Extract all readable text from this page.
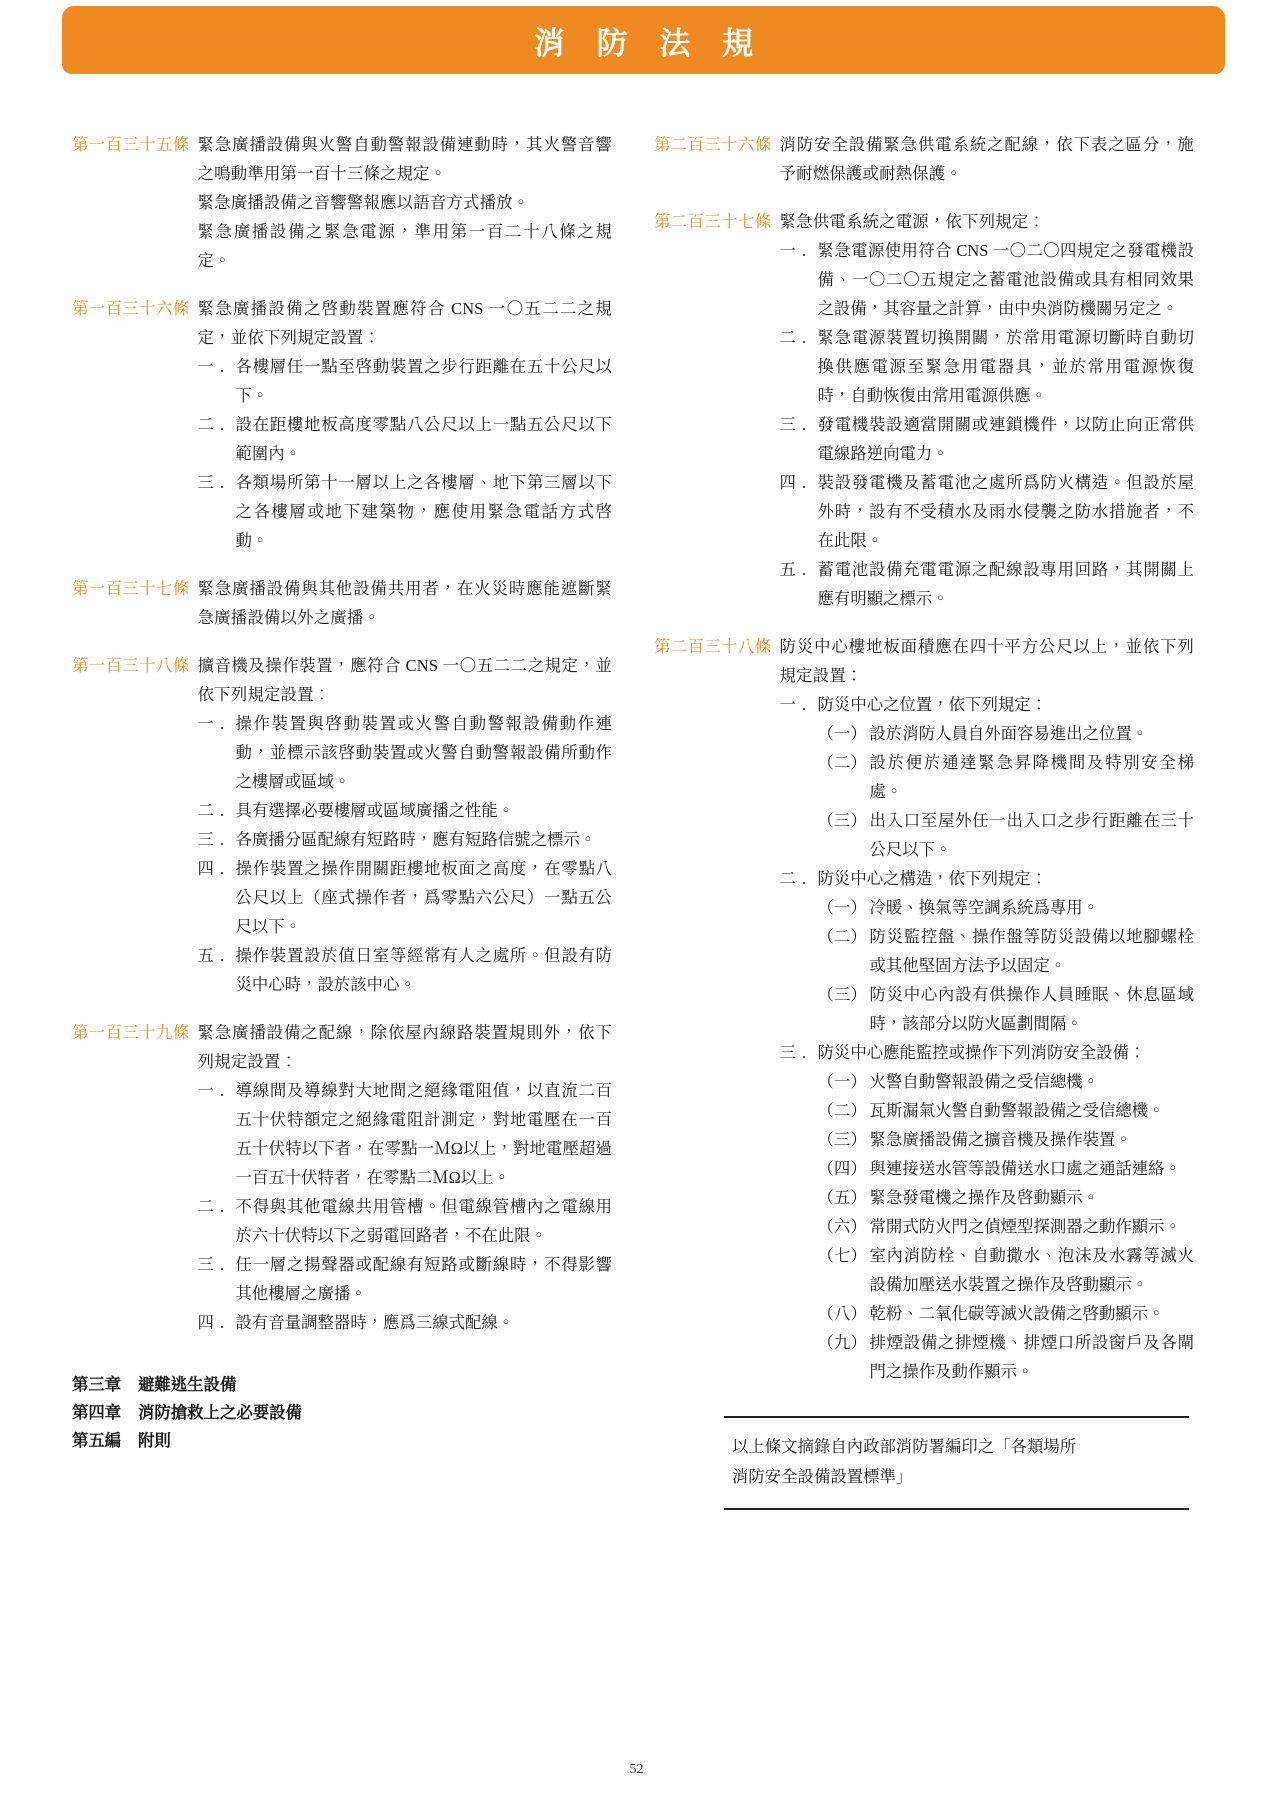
消 防 法 規
第一百三十五條 緊急廣播設備與火警自動警報設備連動時，其火警音響之鳴動準用第一百十三條之規定。

緊急廣播設備之音響警報應以語音方式播放。

緊急廣播設備之緊急電源，準用第一百二十八條之規定。

第一百三十六條 緊急廣播設備之啓動裝置應符合 CNS 一〇五二二之規定，並依下列規定設置：

一 . 各樓層任一點至啓動裝置之步行距離在五十公尺以下。
二 . 設在距樓地板高度零點八公尺以上一點五公尺以下範圍內。
三 . 各類場所第十一層以上之各樓層、地下第三層以下之各樓層或地下建築物，應使用緊急電話方式啓動。
第一百三十七條 緊急廣播設備與其他設備共用者，在火災時應能遮斷緊急廣播設備以外之廣播。

第一百三十八條 擴音機及操作裝置，應符合 CNS 一〇五二二之規定，並依下列規定設置：

一 . 操作裝置與啓動裝置或火警自動警報設備動作連動，並標示該啓動裝置或火警自動警報設備所動作之樓層或區域。
二 . 具有選擇必要樓層或區域廣播之性能。
三 . 各廣播分區配線有短路時，應有短路信號之標示。
四 . 操作裝置之操作開關距樓地板面之高度，在零點八公尺以上（座式操作者，爲零點六公尺）一點五公尺以下。
五 . 操作裝置設於值日室等經常有人之處所。但設有防災中心時，設於該中心。
第一百三十九條 緊急廣播設備之配線，除依屋內線路裝置規則外，依下列規定設置：

一 . 導線間及導線對大地間之絕緣電阻值，以直流二百五十伏特額定之絕緣電阻計測定，對地電壓在一百五十伏特以下者，在零點一ＭΩ以上，對地電壓超過一百五十伏特者，在零點二ＭΩ以上。
二 . 不得與其他電線共用管槽。但電線管槽內之電線用於六十伏特以下之弱電回路者，不在此限。
三 . 任一層之揚聲器或配線有短路或斷線時，不得影響其他樓層之廣播。
四 . 設有音量調整器時，應爲三線式配線。
第三章	避難逃生設備
第四章	消防搶救上之必要設備
第五編	附則
第二百三十六條 消防安全設備緊急供電系統之配線，依下表之區分，施予耐燃保護或耐熱保護。

第二百三十七條 緊急供電系統之電源，依下列規定：

一 . 緊急電源使用符合 CNS 一〇二〇四規定之發電機設備、一〇二〇五規定之蓄電池設備或具有相同效果之設備，其容量之計算，由中央消防機關另定之。
二 . 緊急電源裝置切換開關，於常用電源切斷時自動切換供應電源至緊急用電器具，並於常用電源恢復時，自動恢復由常用電源供應。
三 . 發電機裝設適當開關或連鎖機件，以防止向正常供電線路逆向電力。
四 . 裝設發電機及蓄電池之處所爲防火構造。但設於屋外時，設有不受積水及雨水侵襲之防水措施者，不在此限。
五 . 蓄電池設備充電電源之配線設專用回路，其開關上應有明顯之標示。
第二百三十八條 防災中心樓地板面積應在四十平方公尺以上，並依下列規定設置：

一 . 防災中心之位置，依下列規定：
（一） 設於消防人員自外面容易進出之位置。
（二） 設於便於通達緊急昇降機間及特別安全梯處。
（三） 出入口至屋外任一出入口之步行距離在三十公尺以下。
二 . 防災中心之構造，依下列規定：
（一） 冷暖、換氣等空調系統爲專用。
（二） 防災監控盤、操作盤等防災設備以地腳螺栓或其他堅固方法予以固定。
（三） 防災中心內設有供操作人員睡眠、休息區域時，該部分以防火區劃間隔。
三 . 防災中心應能監控或操作下列消防安全設備：
（一） 火警自動警報設備之受信總機。
（二） 瓦斯漏氣火警自動警報設備之受信總機。
（三） 緊急廣播設備之擴音機及操作裝置。
（四） 與連接送水管等設備送水口處之通話連絡。
（五） 緊急發電機之操作及啓動顯示。
（六） 常開式防火門之偵煙型探測器之動作顯示。
（七） 室內消防栓、自動撒水、泡沫及水霧等滅火設備加壓送水裝置之操作及啓動顯示。
（八） 乾粉、二氧化碳等滅火設備之啓動顯示。
（九） 排煙設備之排煙機、排煙口所設窗戶及各閘門之操作及動作顯示。
以上條文摘錄自內政部消防署編印之「各類場所
消防安全設備設置標準」
52
